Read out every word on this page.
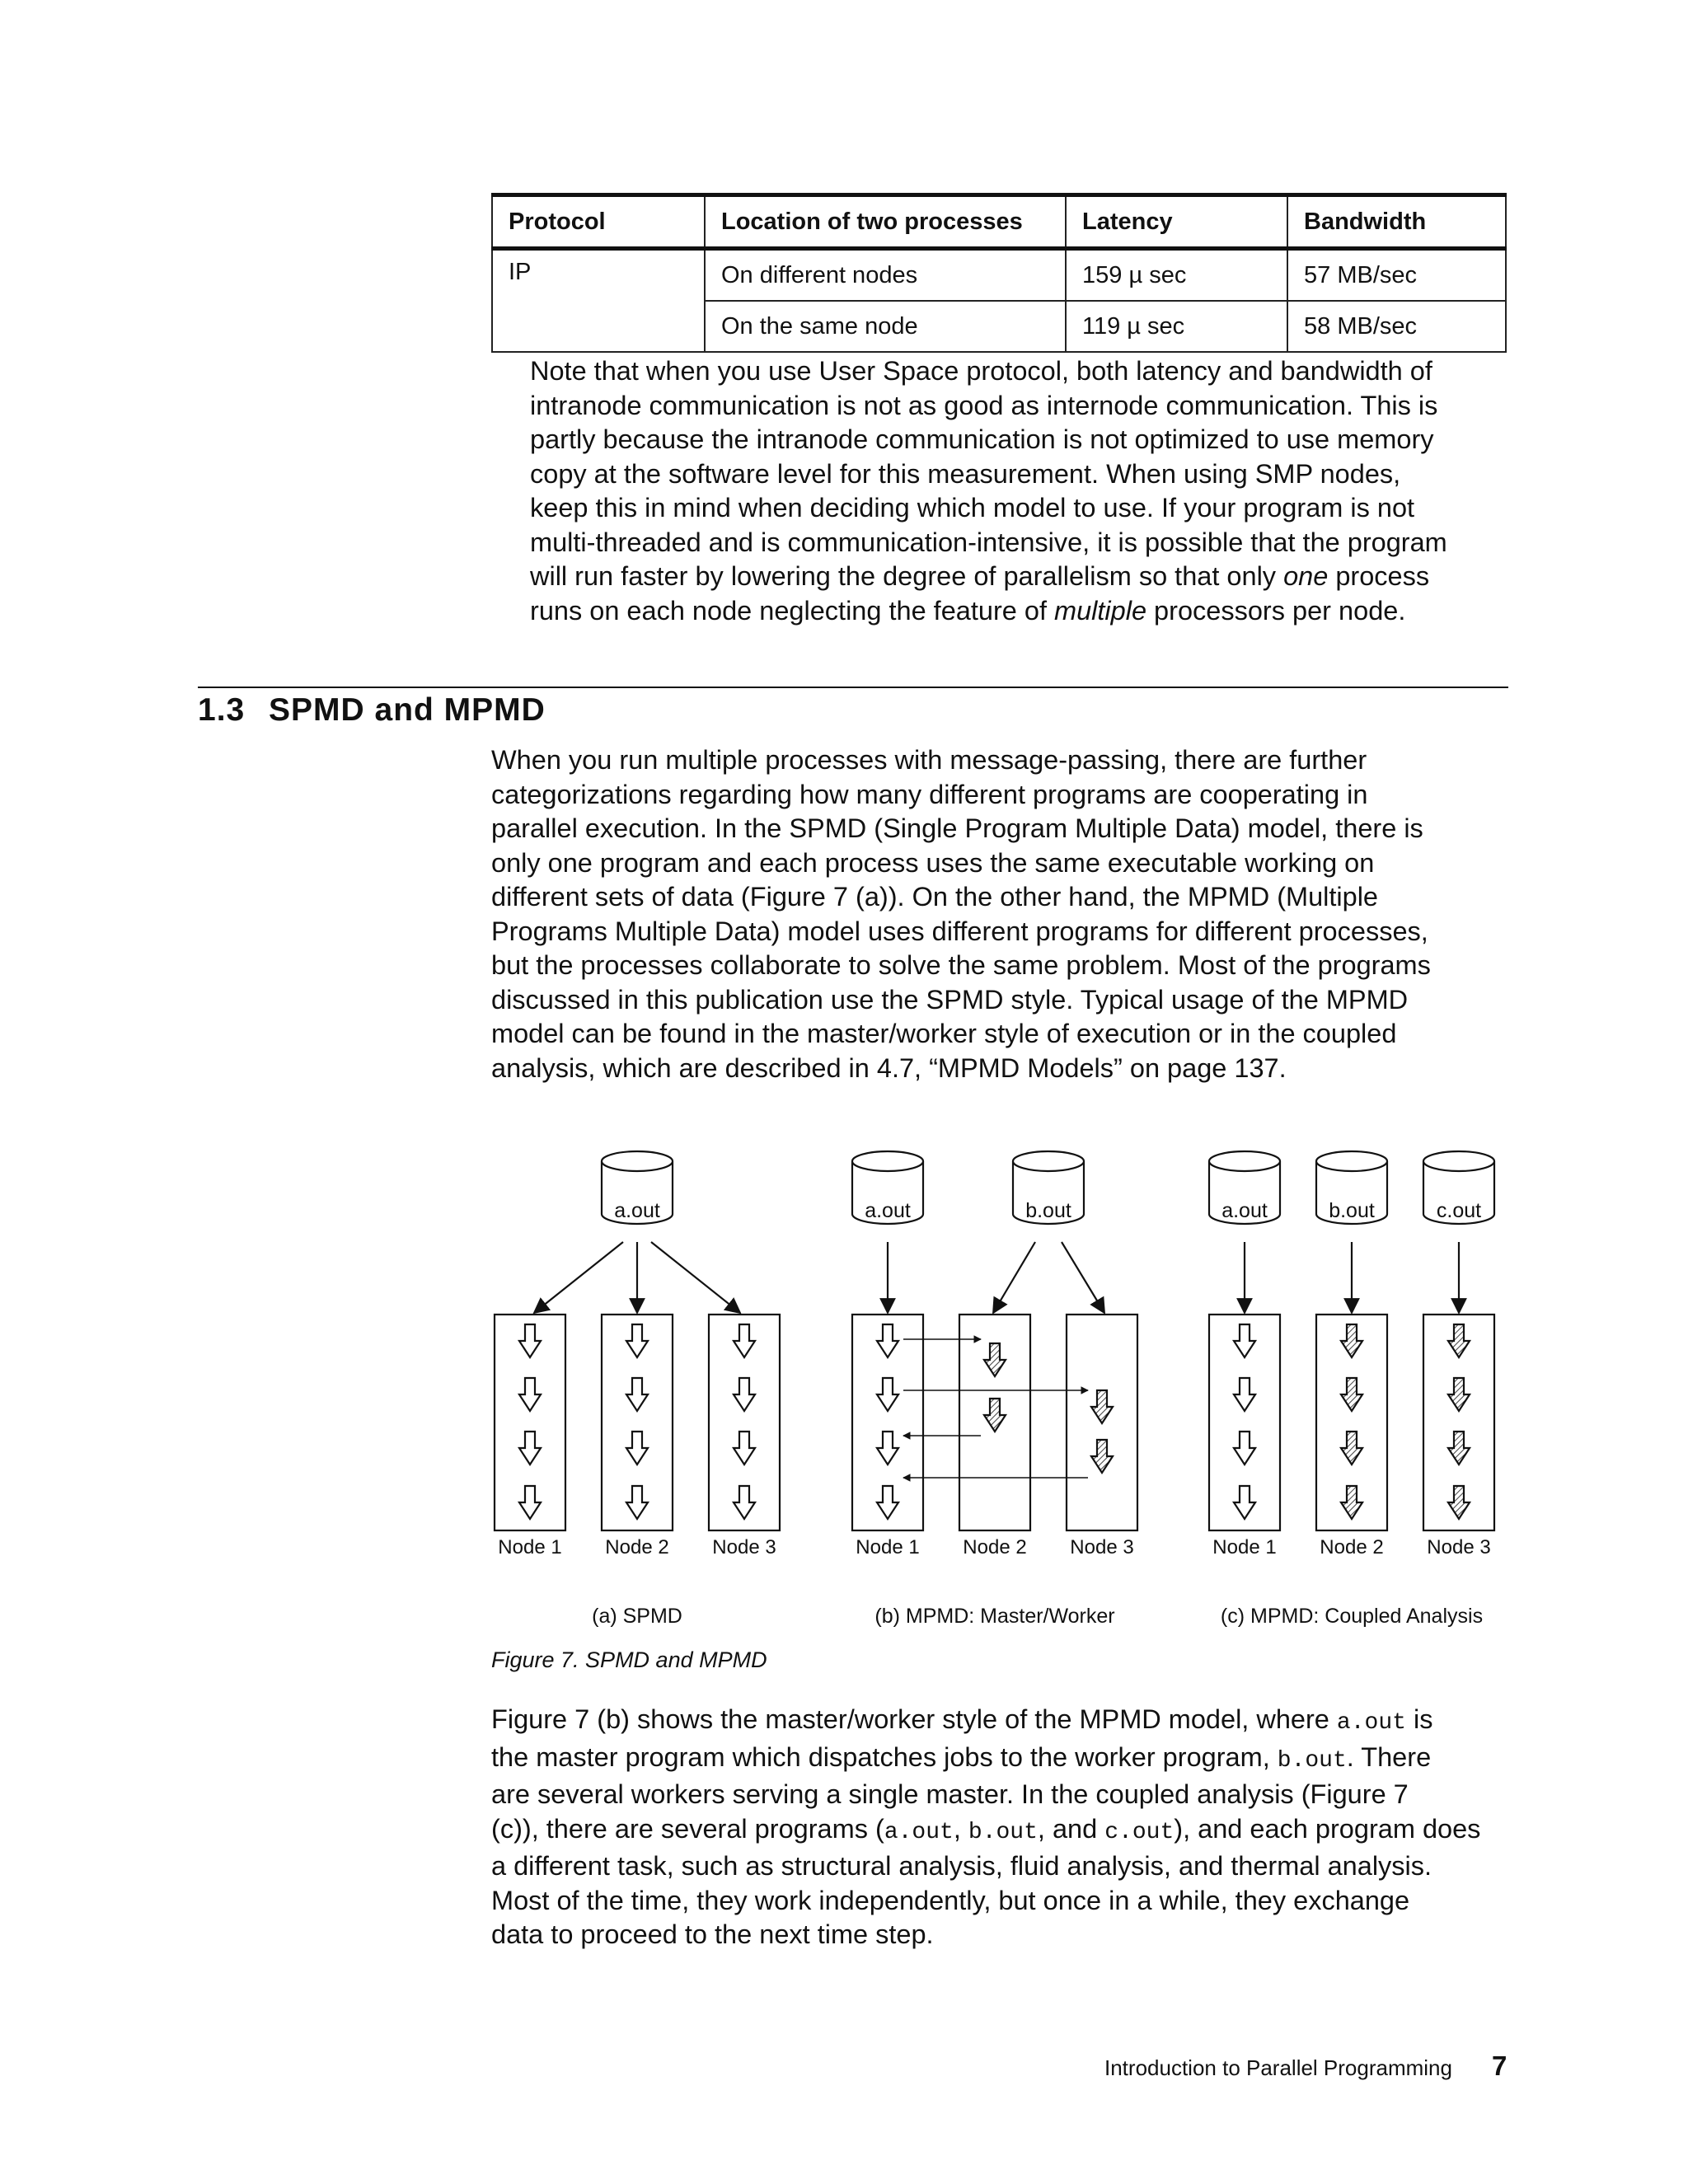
Protocol	Location of two processes	Latency	Bandwidth
IP	On different nodes	159 µ sec	57 MB/sec
	On the same node	119 µ sec	58 MB/sec
Note that when you use User Space protocol, both latency and bandwidth of
intranode communication is not as good as internode communication. This is
partly because the intranode communication is not optimized to use memory
copy at the software level for this measurement. When using SMP nodes,
keep this in mind when deciding which model to use. If your program is not
multi-threaded and is communication-intensive, it is possible that the program
will run faster by lowering the degree of parallelism so that only one process
runs on each node neglecting the feature of multiple processors per node.
1.3 SPMD and MPMD
When you run multiple processes with message-passing, there are further
categorizations regarding how many different programs are cooperating in
parallel execution. In the SPMD (Single Program Multiple Data) model, there is
only one program and each process uses the same executable working on
different sets of data (Figure 7 (a)). On the other hand, the MPMD (Multiple
Programs Multiple Data) model uses different programs for different processes,
but the processes collaborate to solve the same problem. Most of the programs
discussed in this publication use the SPMD style. Typical usage of the MPMD
model can be found in the master/worker style of execution or in the coupled
analysis, which are described in 4.7, “MPMD Models” on page 137.
a.out
Node 1 Node 2 Node 3
(a) SPMD
a.out	b.out
Node 1 Node 2 Node 3
(b) MPMD: Master/Worker
a.out	b.out	c.out
Node 1 Node 2 Node 3
(c) MPMD: Coupled Analysis
Figure 7. SPMD and MPMD
Figure 7 (b) shows the master/worker style of the MPMD model, where a.out is
the master program which dispatches jobs to the worker program, b.out. There
are several workers serving a single master. In the coupled analysis (Figure 7
(c)), there are several programs (a.out, b.out, and c.out), and each program does
a different task, such as structural analysis, fluid analysis, and thermal analysis.
Most of the time, they work independently, but once in a while, they exchange
data to proceed to the next time step.
Introduction to Parallel Programming 7
